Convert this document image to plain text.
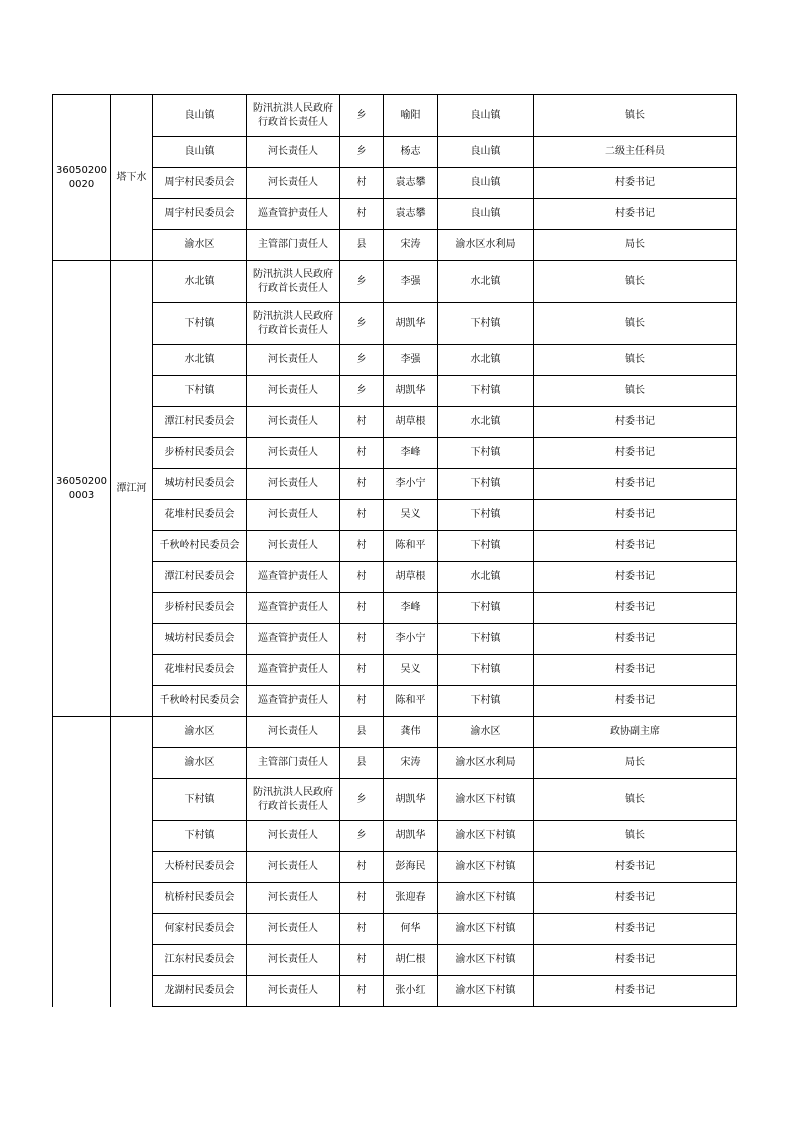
360502000020	塔下水	良山镇	防汛抗洪人民政府行政首长责任人	乡	喻阳	良山镇	镇长
		良山镇	河长责任人	乡	杨志	良山镇	二级主任科员
		周宇村民委员会	河长责任人	村	袁志攀	良山镇	村委书记
		周宇村民委员会	巡查管护责任人	村	袁志攀	良山镇	村委书记
		渝水区	主管部门责任人	县	宋涛	渝水区水利局	局长
360502000003	潭江河	水北镇	防汛抗洪人民政府行政首长责任人	乡	李强	水北镇	镇长
		下村镇	防汛抗洪人民政府行政首长责任人	乡	胡凯华	下村镇	镇长
		水北镇	河长责任人	乡	李强	水北镇	镇长
		下村镇	河长责任人	乡	胡凯华	下村镇	镇长
		潭江村民委员会	河长责任人	村	胡草根	水北镇	村委书记
		步桥村民委员会	河长责任人	村	李峰	下村镇	村委书记
		城坊村民委员会	河长责任人	村	李小宁	下村镇	村委书记
		花堆村民委员会	河长责任人	村	吴义	下村镇	村委书记
		千秋岭村民委员会	河长责任人	村	陈和平	下村镇	村委书记
		潭江村民委员会	巡查管护责任人	村	胡草根	水北镇	村委书记
		步桥村民委员会	巡查管护责任人	村	李峰	下村镇	村委书记
		城坊村民委员会	巡查管护责任人	村	李小宁	下村镇	村委书记
		花堆村民委员会	巡查管护责任人	村	吴义	下村镇	村委书记
		千秋岭村民委员会	巡查管护责任人	村	陈和平	下村镇	村委书记
		渝水区	河长责任人	县	龚伟	渝水区	政协副主席
		渝水区	主管部门责任人	县	宋涛	渝水区水利局	局长
		下村镇	防汛抗洪人民政府行政首长责任人	乡	胡凯华	渝水区下村镇	镇长
		下村镇	河长责任人	乡	胡凯华	渝水区下村镇	镇长
		大桥村民委员会	河长责任人	村	彭海民	渝水区下村镇	村委书记
		杭桥村民委员会	河长责任人	村	张迎春	渝水区下村镇	村委书记
		何家村民委员会	河长责任人	村	何华	渝水区下村镇	村委书记
		江东村民委员会	河长责任人	村	胡仁根	渝水区下村镇	村委书记
		龙湖村民委员会	河长责任人	村	张小红	渝水区下村镇	村委书记
